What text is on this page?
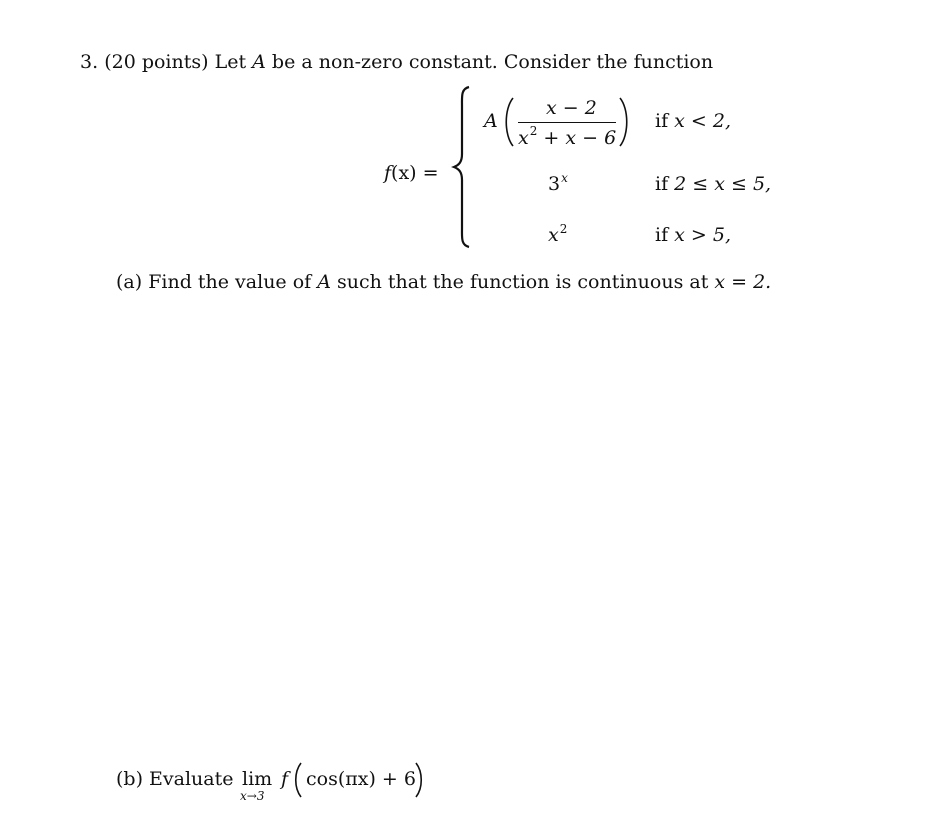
3. (20 points) Let A be a non-zero constant. Consider the function
f(x) =
A
x − 2
$x^2 + x - 6$
if x < 2,
3$^x$	if 2 ≤ x ≤ 5,
$x^2$	if x > 5,
(a) Find the value of A such that the function is continuous at x = 2.
(b) Evaluate lim
x→3
f cos(πx) + 6
